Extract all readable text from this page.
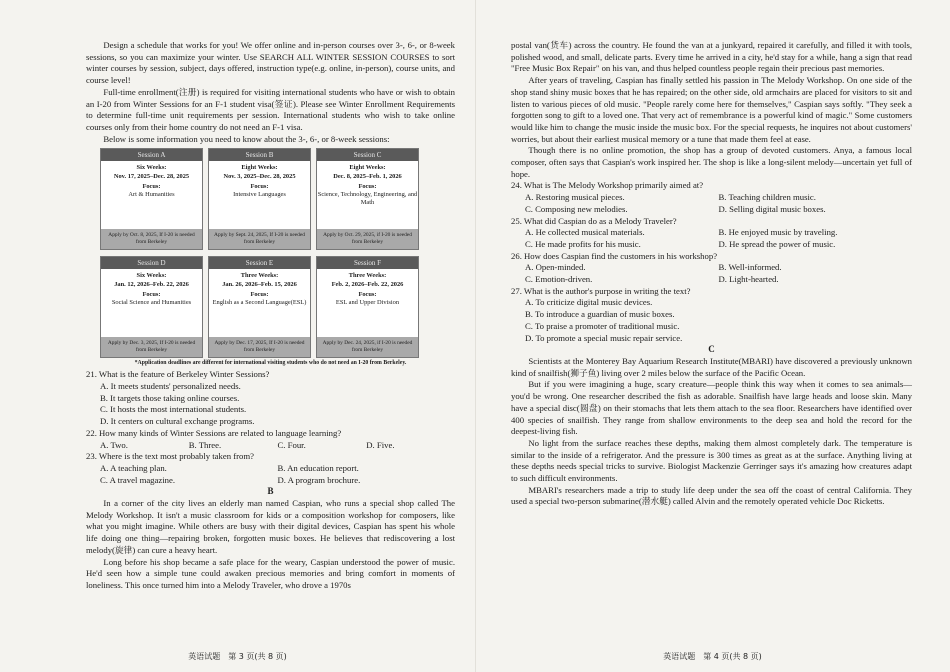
Design a schedule that works for you! We offer online and in-person courses over 3-, 6-, or 8-week sessions, so you can maximize your winter. Use SEARCH ALL WINTER SESSION COURSES to sort winter courses by session, subject, days offered, instruction type(e.g. online, in-person), course units, and course level!

Full-time enrollment(注册) is required for visiting international students who have or wish to obtain an I-20 from Winter Sessions for an F-1 student visa(签证). Please see Winter Enrollment Requirements to determine full-time unit requirements per session. International students who wish to take online courses only from their home country do not need an F-1 visa.

Below is some information you need to know about the 3-, 6-, or 8-week sessions:

Session A
Six Weeks:
Nov. 17, 2025–Dec. 28, 2025
Focus:
Art & Humanities
Apply by Oct. 8, 2025, If I-20 is needed from Berkeley
Session B
Eight Weeks:
Nov. 3, 2025–Dec. 28, 2025
Focus:
Intensive Languages
Apply by Sept. 24, 2025, If I-20 is needed from Berkeley
Session C
Eight Weeks:
Dec. 8, 2025–Feb. 1, 2026
Focus:
Science, Technology, Engineering, and Math
Apply by Oct. 29, 2025, if I-20 is needed from Berkeley
Session D
Six Weeks:
Jan. 12, 2026–Feb. 22, 2026
Focus:
Social Science and Humanities
Apply by Dec. 3, 2025, If I-20 is needed from Berkeley
Session E
Three Weeks:
Jan. 26, 2026–Feb. 15, 2026
Focus:
English as a Second Language(ESL)
Apply by Dec. 17, 2025, If I-20 is needed from Berkeley
Session F
Three Weeks:
Feb. 2, 2026–Feb. 22, 2026
Focus:
ESL and Upper Division
Apply by Dec. 24, 2025, if I-20 is needed from Berkeley
*Application deadlines are different for international visiting students who do not need an I-20 from Berkeley.
21. What is the feature of Berkeley Winter Sessions?
A. It meets students' personalized needs.
B. It targets those taking online courses.
C. It hosts the most international students.
D. It centers on cultural exchange programs.
22. How many kinds of Winter Sessions are related to language learning?
A. Two.	B. Three.	C. Four.	D. Five.
23. Where is the text most probably taken from?
A. A teaching plan.	B. An education report.
C. A travel magazine.	D. A program brochure.
B

In a corner of the city lives an elderly man named Caspian, who runs a special shop called The Melody Workshop. It isn't a music classroom for kids or a composition workshop for composers, like what you might imagine. While others are busy with their digital devices, Caspian has spent his whole life doing one thing—repairing broken, forgotten music boxes. He believes that rediscovering a lost melody(旋律) can cure a heavy heart.

Long before his shop became a safe place for the weary, Caspian understood the power of music. He'd seen how a simple tune could awaken precious memories and bring comfort in moments of loneliness. This once turned him into a Melody Traveler, who drove a 1970s

英语试题　第 3 页(共 8 页)

postal van(货车) across the country. He found the van at a junkyard, repaired it carefully, and filled it with tools, polished wood, and small, delicate parts. Every time he arrived in a city, he'd stay for a while, hang a sign that read "Free Music Box Repair" on his van, and thus helped countless people regain their precious past memories.

After years of traveling, Caspian has finally settled his passion in The Melody Workshop. On one side of the shop stand shiny music boxes that he has repaired; on the other side, old armchairs are placed for visitors to sit and listen to various pieces of old music. "People rarely come here for themselves," Caspian says softly. "They seek a forgotten song to gift to a loved one. That very act of remembrance is a powerful kind of magic." Some customers would like him to change the music inside the music box. For the special requests, he inquires not about customers' worries, but about their earliest musical memory or a tune that made them feel at ease.

Though there is no online promotion, the shop has a group of devoted customers. Anya, a famous local composer, often says that Caspian's work inspired her. The shop is like a long-silent melody—uncertain yet full of hope.

24. What is The Melody Workshop primarily aimed at?
A. Restoring musical pieces.	B. Teaching children music.
C. Composing new melodies.	D. Selling digital music boxes.
25. What did Caspian do as a Melody Traveler?
A. He collected musical materials.	B. He enjoyed music by traveling.
C. He made profits for his music.	D. He spread the power of music.
26. How does Caspian find the customers in his workshop?
A. Open-minded.	B. Well-informed.
C. Emotion-driven.	D. Light-hearted.
27. What is the author's purpose in writing the text?
A. To criticize digital music devices.
B. To introduce a guardian of music boxes.
C. To praise a promoter of traditional music.
D. To promote a special music repair service.
C

Scientists at the Monterey Bay Aquarium Research Institute(MBARI) have discovered a previously unknown kind of snailfish(狮子鱼) living over 2 miles below the surface of the Pacific Ocean.

But if you were imagining a huge, scary creature—people think this way when it comes to sea animals—you'd be wrong. One researcher described the fish as adorable. Snailfish have large heads and loose skin. Many have a special disc(圆盘) on their stomachs that lets them attach to the sea floor. Researchers have identified over 400 species of snailfish. They range from shallow environments to the deep sea and hold the record for the deepest-living fish.

No light from the surface reaches these depths, making them almost completely dark. The temperature is similar to the inside of a refrigerator. And the pressure is 300 times as great as at the surface. Anything living at these depths needs special tricks to survive. Biologist Mackenzie Gerringer says it's amazing how creatures adapt to such difficult environments.

MBARI's researchers made a trip to study life deep under the sea off the coast of central California. They used a special two-person submarine(潜水艇) called Alvin and the remotely operated vehicle Doc Ricketts.

英语试题　第 4 页(共 8 页)
